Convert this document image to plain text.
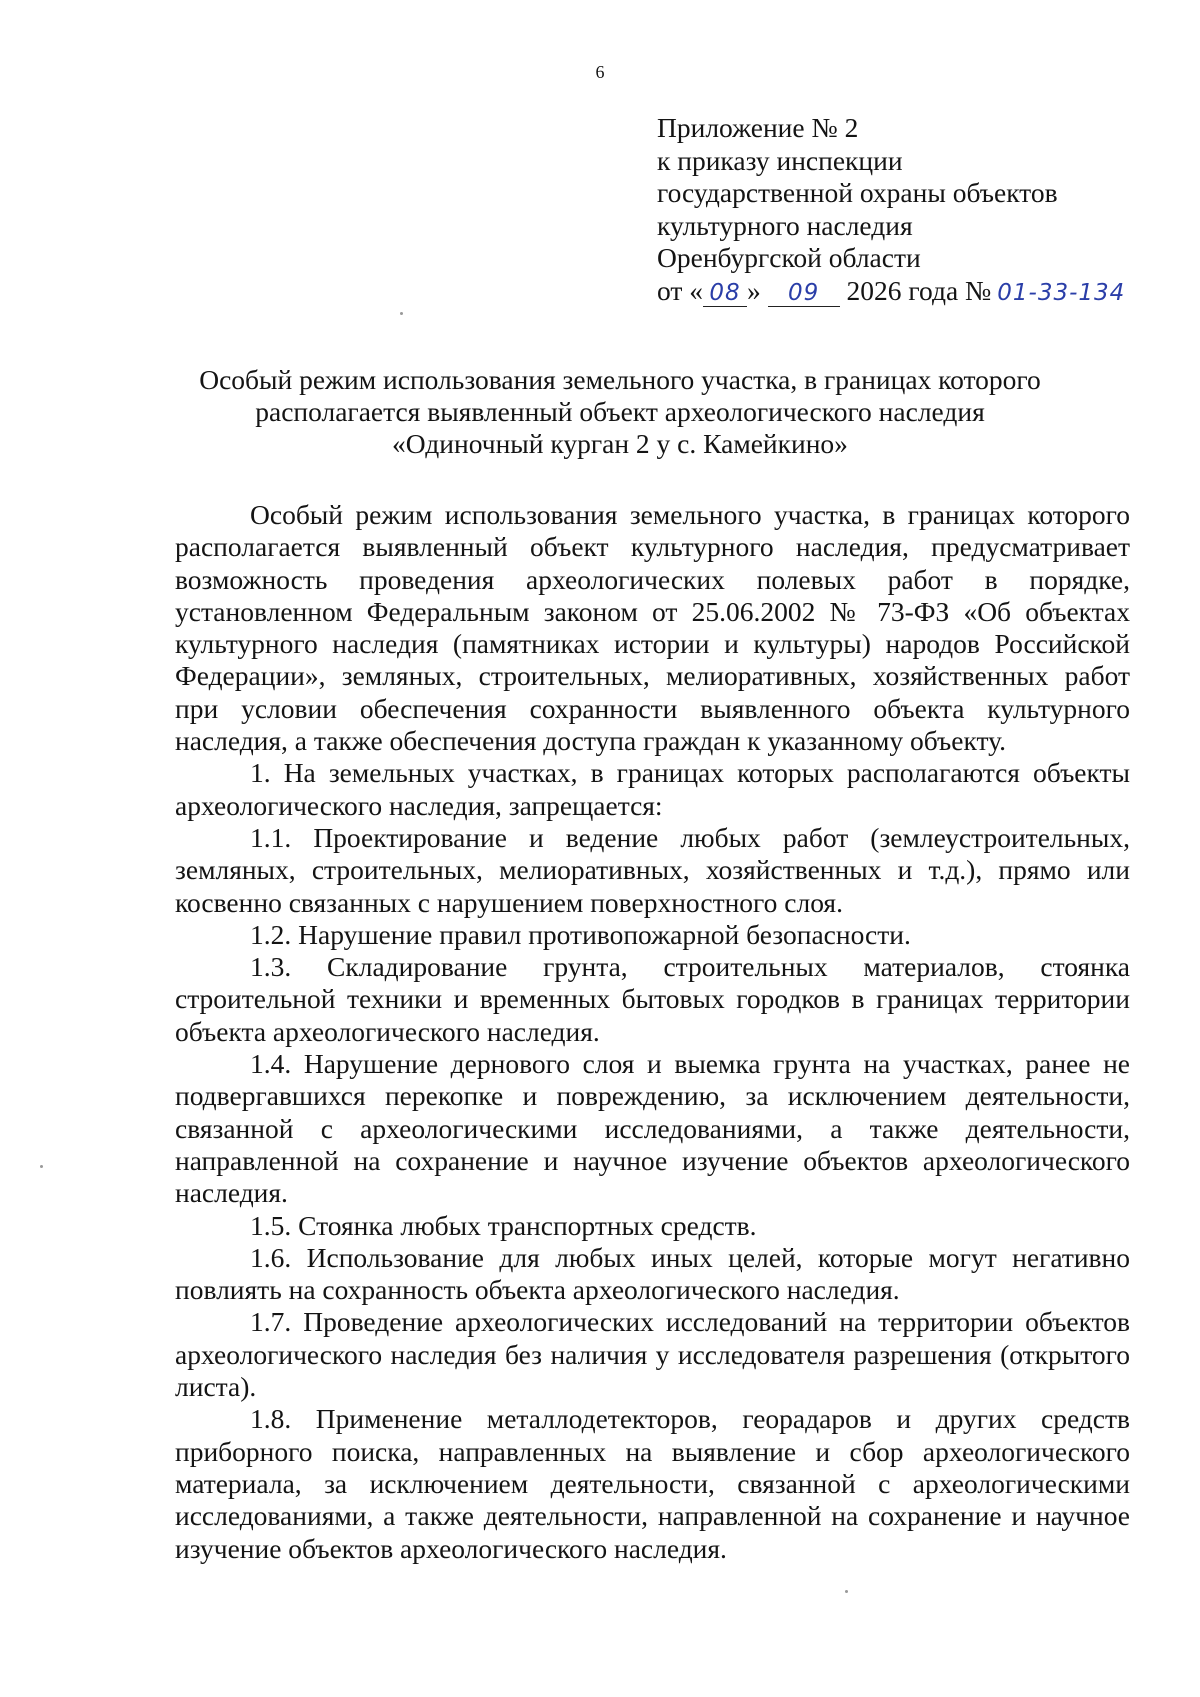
6
Приложение № 2
к приказу инспекции
государственной охраны объектов
культурного наследия
Оренбургской области
от « 08 » 09 2026 года № 01-33-134
Особый режим использования земельного участка, в границах которого
располагается выявленный объект археологического наследия
«Одиночный курган 2 у с. Камейкино»

Особый режим использования земельного участка, в границах которого располагается выявленный объект культурного наследия, предусматривает возможность проведения археологических полевых работ в порядке, установленном Федеральным законом от 25.06.2002 № 73-ФЗ «Об объектах культурного наследия (памятниках истории и культуры) народов Российской Федерации», земляных, строительных, мелиоративных, хозяйственных работ при условии обеспечения сохранности выявленного объекта культурного наследия, а также обеспечения доступа граждан к указанному объекту.

1. На земельных участках, в границах которых располагаются объекты археологического наследия, запрещается:

1.1. Проектирование и ведение любых работ (землеустроительных, земляных, строительных, мелиоративных, хозяйственных и т.д.), прямо или косвенно связанных с нарушением поверхностного слоя.

1.2. Нарушение правил противопожарной безопасности.

1.3. Складирование грунта, строительных материалов, стоянка строительной техники и временных бытовых городков в границах территории объекта археологического наследия.

1.4. Нарушение дернового слоя и выемка грунта на участках, ранее не подвергавшихся перекопке и повреждению, за исключением деятельности, связанной с археологическими исследованиями, а также деятельности, направленной на сохранение и научное изучение объектов археологического наследия.

1.5. Стоянка любых транспортных средств.

1.6. Использование для любых иных целей, которые могут негативно повлиять на сохранность объекта археологического наследия.

1.7. Проведение археологических исследований на территории объектов археологического наследия без наличия у исследователя разрешения (открытого листа).

1.8. Применение металлодетекторов, георадаров и других средств приборного поиска, направленных на выявление и сбор археологического материала, за исключением деятельности, связанной с археологическими исследованиями, а также деятельности, направленной на сохранение и научное изучение объектов археологического наследия.
